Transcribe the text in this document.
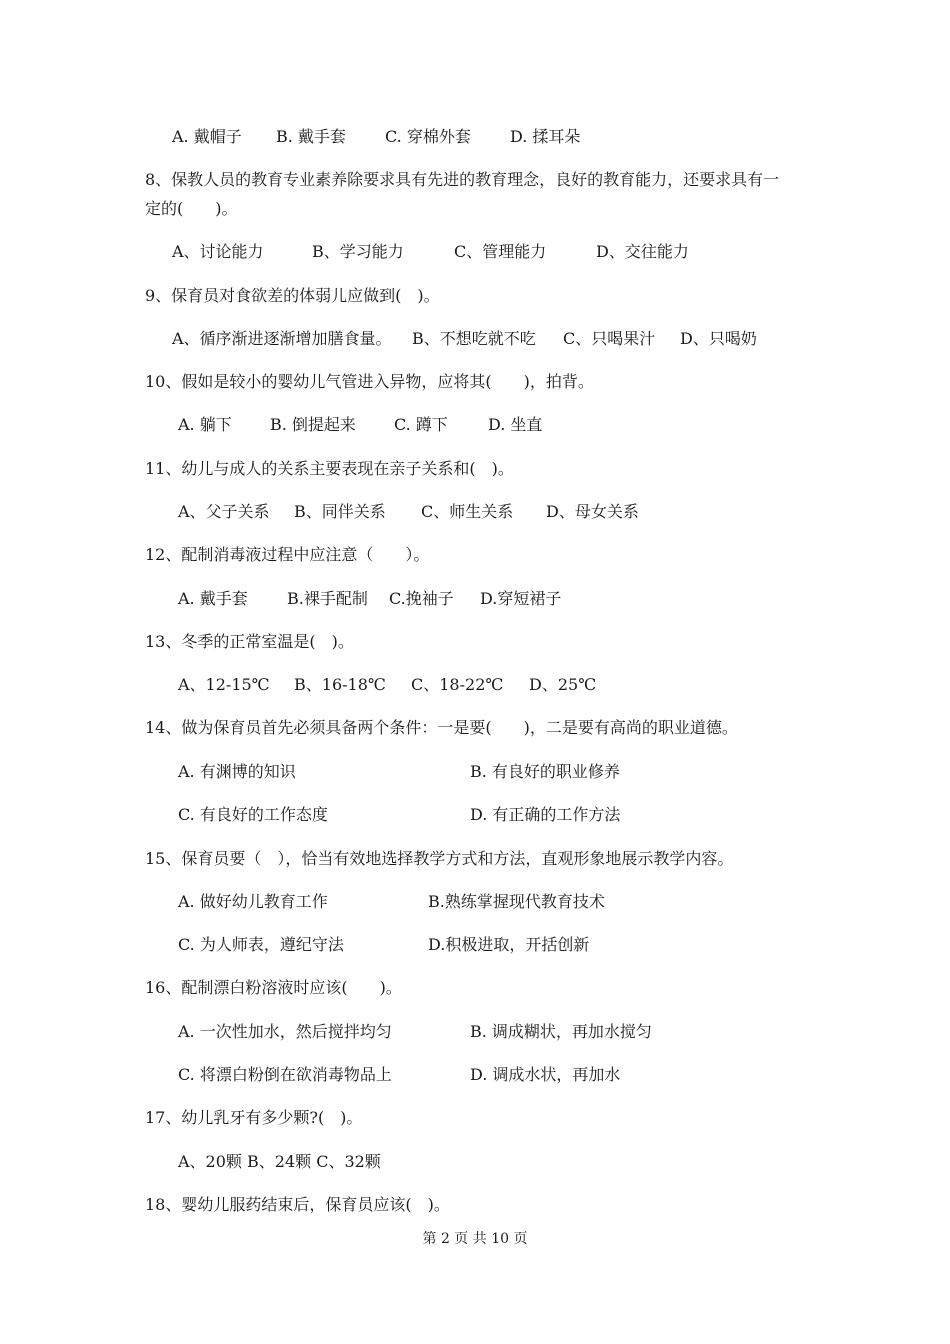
A. 戴帽子 B. 戴手套 C. 穿棉外套 D. 揉耳朵
8、保教人员的教育专业素养除要求具有先进的教育理念，良好的教育能力，还要求具有一
定的(　　)。
A、讨论能力	B、学习能力	C、管理能力	D、交往能力
9、保育员对食欲差的体弱儿应做到(　)。
A、循序渐进逐渐增加膳食量。 B、不想吃就不吃 C、只喝果汁 D、只喝奶
10、假如是较小的婴幼儿气管进入异物，应将其(　　)，拍背。
A. 躺下 B. 倒提起来 C. 蹲下	D. 坐直
11、幼儿与成人的关系主要表现在亲子关系和(　)。
A、父子关系 B、同伴关系 C、师生关系 D、母女关系
12、配制消毒液过程中应注意（　　）。
A. 戴手套 B.裸手配制 C.挽袖子 D.穿短裙子
13、冬季的正常室温是(　)。
A、12-15℃ B、16-18℃ C、18-22℃ D、25℃
14、做为保育员首先必须具备两个条件：一是要(　　)，二是要有高尚的职业道德。
A. 有渊博的知识	B. 有良好的职业修养
C. 有良好的工作态度	D. 有正确的工作方法
15、保育员要（　），恰当有效地选择教学方式和方法，直观形象地展示教学内容。
A. 做好幼儿教育工作	B.熟练掌握现代教育技术
C. 为人师表，遵纪守法	D.积极进取，开括创新
16、配制漂白粉溶液时应该(　　)。
A. 一次性加水，然后搅拌均匀	B. 调成糊状，再加水搅匀
C. 将漂白粉倒在欲消毒物品上	D. 调成水状，再加水
17、幼儿乳牙有多少颗?(　)。
A、20颗 B、24颗 C、32颗
18、婴幼儿服药结束后，保育员应该(　)。
第 2 页 共 10 页
